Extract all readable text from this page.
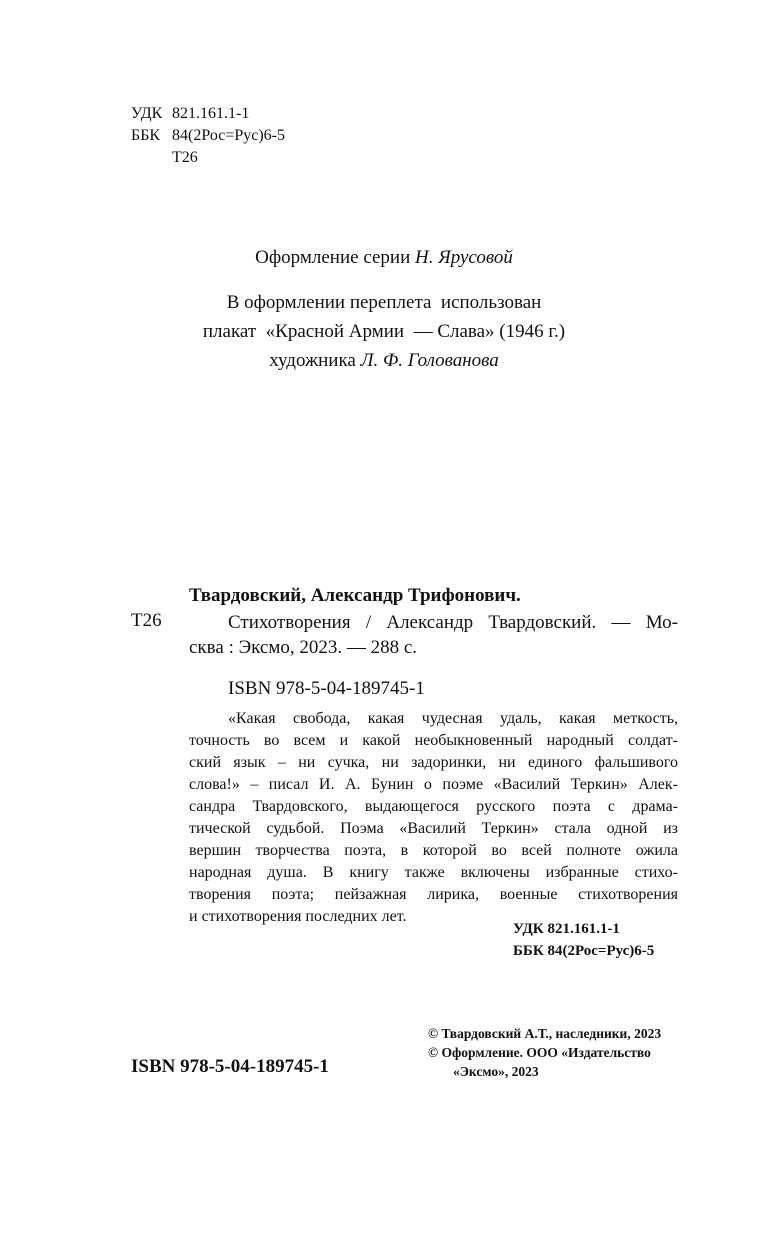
УДК 821.161.1-1
ББК 84(2Рос=Рус)6-5
Т26

Оформление серии Н. Ярусовой

В оформлении переплета  использован
плакат  «Красной Армии  — Слава» (1946 г.)
художника Л. Ф. Голованова

Твардовский, Александр Трифонович.

Т26	Стихотворения / Александр Твардовский. — Мо-
сква : Эксмо, 2023. — 288 с.

ISBN 978-5-04-189745-1

«Какая свобода, какая чудесная удаль, какая меткость,
точность во всем и какой необыкновенный народный солдат-
ский язык – ни сучка, ни задоринки, ни единого фальшивого
слова!» – писал И. А. Бунин о поэме «Василий Теркин» Алек-
сандра Твардовского, выдающегося русского поэта с драма-
тической судьбой. Поэма «Василий Теркин» стала одной из
вершин творчества поэта, в которой во всей полноте ожила
народная душа. В книгу также включены избранные стихо-
творения поэта; пейзажная лирика, военные стихотворения
и стихотворения последних лет.
УДК 821.161.1-1
ББК 84(2Рос=Рус)6-5
© Твардовский А.Т., наследники, 2023
© Оформление. ООО «Издательство
«Эксмо», 2023

ISBN 978-5-04-189745-1
